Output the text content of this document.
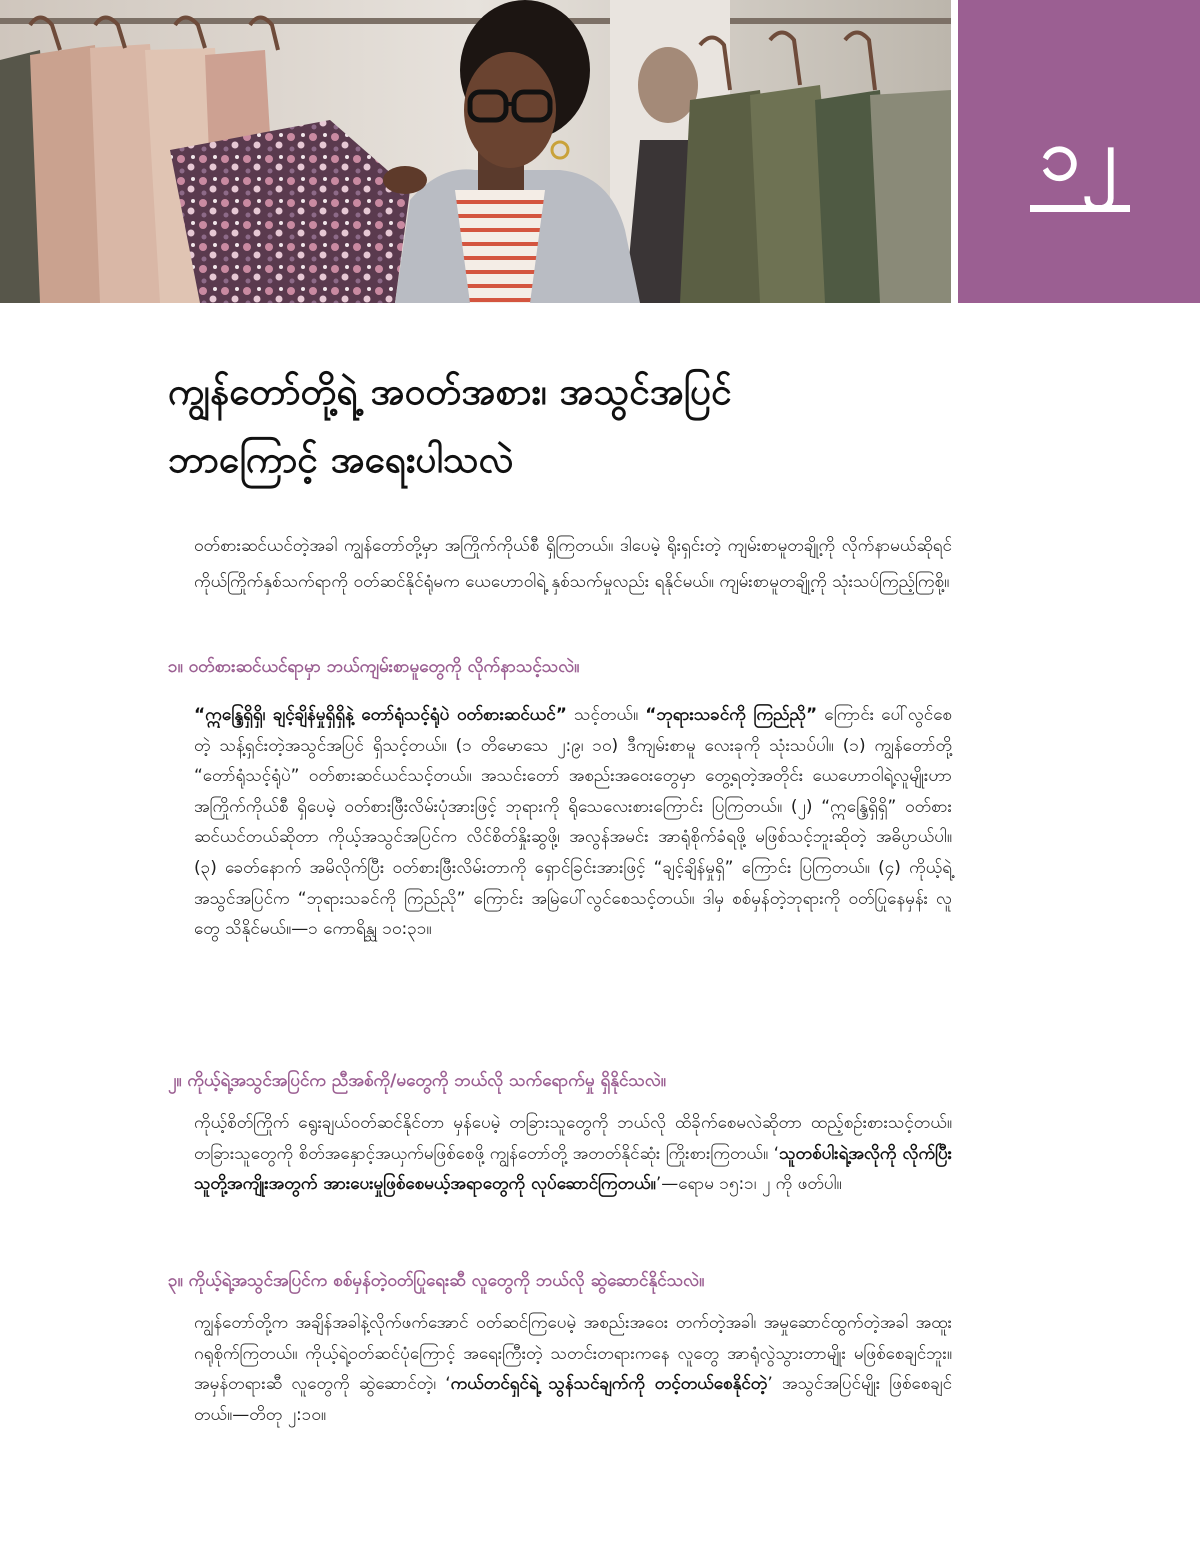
၁၂
ကျွန်တော်တို့ရဲ့ အဝတ်အစား၊ အသွင်အပြင်
ဘာကြောင့် အရေးပါသလဲ

ဝတ်စားဆင်ယင်တဲ့အခါ ကျွန်တော်တို့မှာ အကြိုက်ကိုယ်စီ ရှိကြတယ်။ ဒါပေမဲ့ ရိုးရှင်းတဲ့ ကျမ်းစာမူတချို့ကို လိုက်နာမယ်ဆိုရင် ကိုယ်ကြိုက်နှစ်သက်ရာကို ဝတ်ဆင်နိုင်ရုံမက ယေဟောဝါရဲ့ နှစ်သက်မှုလည်း ရနိုင်မယ်။ ကျမ်းစာမူတချို့ကို သုံးသပ်ကြည့်ကြစို့။

၁။ ဝတ်စားဆင်ယင်ရာမှာ ဘယ်ကျမ်းစာမူတွေကို လိုက်နာသင့်သလဲ။

“ဣန္ဒြေရှိရှိ၊ ချင့်ချိန်မှုရှိရှိနဲ့ တော်ရုံသင့်ရုံပဲ ဝတ်စားဆင်ယင်” သင့်တယ်။ “ဘုရားသခင်ကို ကြည်ညို” ကြောင်း ပေါ်လွင်စေတဲ့ သန့်ရှင်းတဲ့အသွင်အပြင် ရှိသင့်တယ်။ (၁ တိမောသေ ၂:၉၊ ၁၀) ဒီကျမ်းစာမူ လေးခုကို သုံးသပ်ပါ။ (၁) ကျွန်တော်တို့ “တော်ရုံသင့်ရုံပဲ” ဝတ်စားဆင်ယင်သင့်တယ်။ အသင်းတော် အစည်းအဝေးတွေမှာ တွေ့ရတဲ့အတိုင်း ယေဟောဝါရဲ့လူမျိုးဟာ အကြိုက်ကိုယ်စီ ရှိပေမဲ့ ဝတ်စားဖြီးလိမ်းပုံအားဖြင့် ဘုရားကို ရိုသေလေးစားကြောင်း ပြကြတယ်။ (၂) “ဣန္ဒြေရှိရှိ” ဝတ်စားဆင်ယင်တယ်ဆိုတာ ကိုယ့်အသွင်အပြင်က လိင်စိတ်နှိုးဆွဖို့၊ အလွန်အမင်း အာရုံစိုက်ခံရဖို့ မဖြစ်သင့်ဘူးဆိုတဲ့ အဓိပ္ပာယ်ပါ။ (၃) ခေတ်နောက် အမိလိုက်ပြီး ဝတ်စားဖြီးလိမ်းတာကို ရှောင်ခြင်းအားဖြင့် “ချင့်ချိန်မှုရှိ” ကြောင်း ပြကြတယ်။ (၄) ကိုယ့်ရဲ့အသွင်အပြင်က “ဘုရားသခင်ကို ကြည်ညို” ကြောင်း အမြဲပေါ်လွင်စေသင့်တယ်။ ဒါမှ စစ်မှန်တဲ့ဘုရားကို ဝတ်ပြုနေမှန်း လူတွေ သိနိုင်မယ်။—၁ ကောရိန္သု ၁၀:၃၁။

၂။ ကိုယ့်ရဲ့အသွင်အပြင်က ညီအစ်ကို/မတွေကို ဘယ်လို သက်ရောက်မှု ရှိနိုင်သလဲ။

ကိုယ့်စိတ်ကြိုက် ရွေးချယ်ဝတ်ဆင်နိုင်တာ မှန်ပေမဲ့ တခြားသူတွေကို ဘယ်လို ထိခိုက်စေမလဲဆိုတာ ထည့်စဉ်းစားသင့်တယ်။ တခြားသူတွေကို စိတ်အနှောင့်အယှက်မဖြစ်စေဖို့ ကျွန်တော်တို့ အတတ်နိုင်ဆုံး ကြိုးစားကြတယ်။ ‘သူတစ်ပါးရဲ့အလိုကို လိုက်ပြီး သူတို့အကျိုးအတွက် အားပေးမှုဖြစ်စေမယ့်အရာတွေကို လုပ်ဆောင်ကြတယ်။’—ရောမ ၁၅:၁၊ ၂ ကို ဖတ်ပါ။

၃။ ကိုယ့်ရဲ့အသွင်အပြင်က စစ်မှန်တဲ့ဝတ်ပြုရေးဆီ လူတွေကို ဘယ်လို ဆွဲဆောင်နိုင်သလဲ။

ကျွန်တော်တို့က အချိန်အခါနဲ့လိုက်ဖက်အောင် ဝတ်ဆင်ကြပေမဲ့ အစည်းအဝေး တက်တဲ့အခါ၊ အမှုဆောင်ထွက်တဲ့အခါ အထူးဂရုစိုက်ကြတယ်။ ကိုယ့်ရဲ့ဝတ်ဆင်ပုံကြောင့် အရေးကြီးတဲ့ သတင်းတရားကနေ လူတွေ အာရုံလွဲသွားတာမျိုး မဖြစ်စေချင်ဘူး။ အမှန်တရားဆီ လူတွေကို ဆွဲဆောင်တဲ့၊ ‘ကယ်တင်ရှင်ရဲ့ သွန်သင်ချက်ကို တင့်တယ်စေနိုင်တဲ့’ အသွင်အပြင်မျိုး ဖြစ်စေချင်တယ်။—တိတု ၂:၁၀။
